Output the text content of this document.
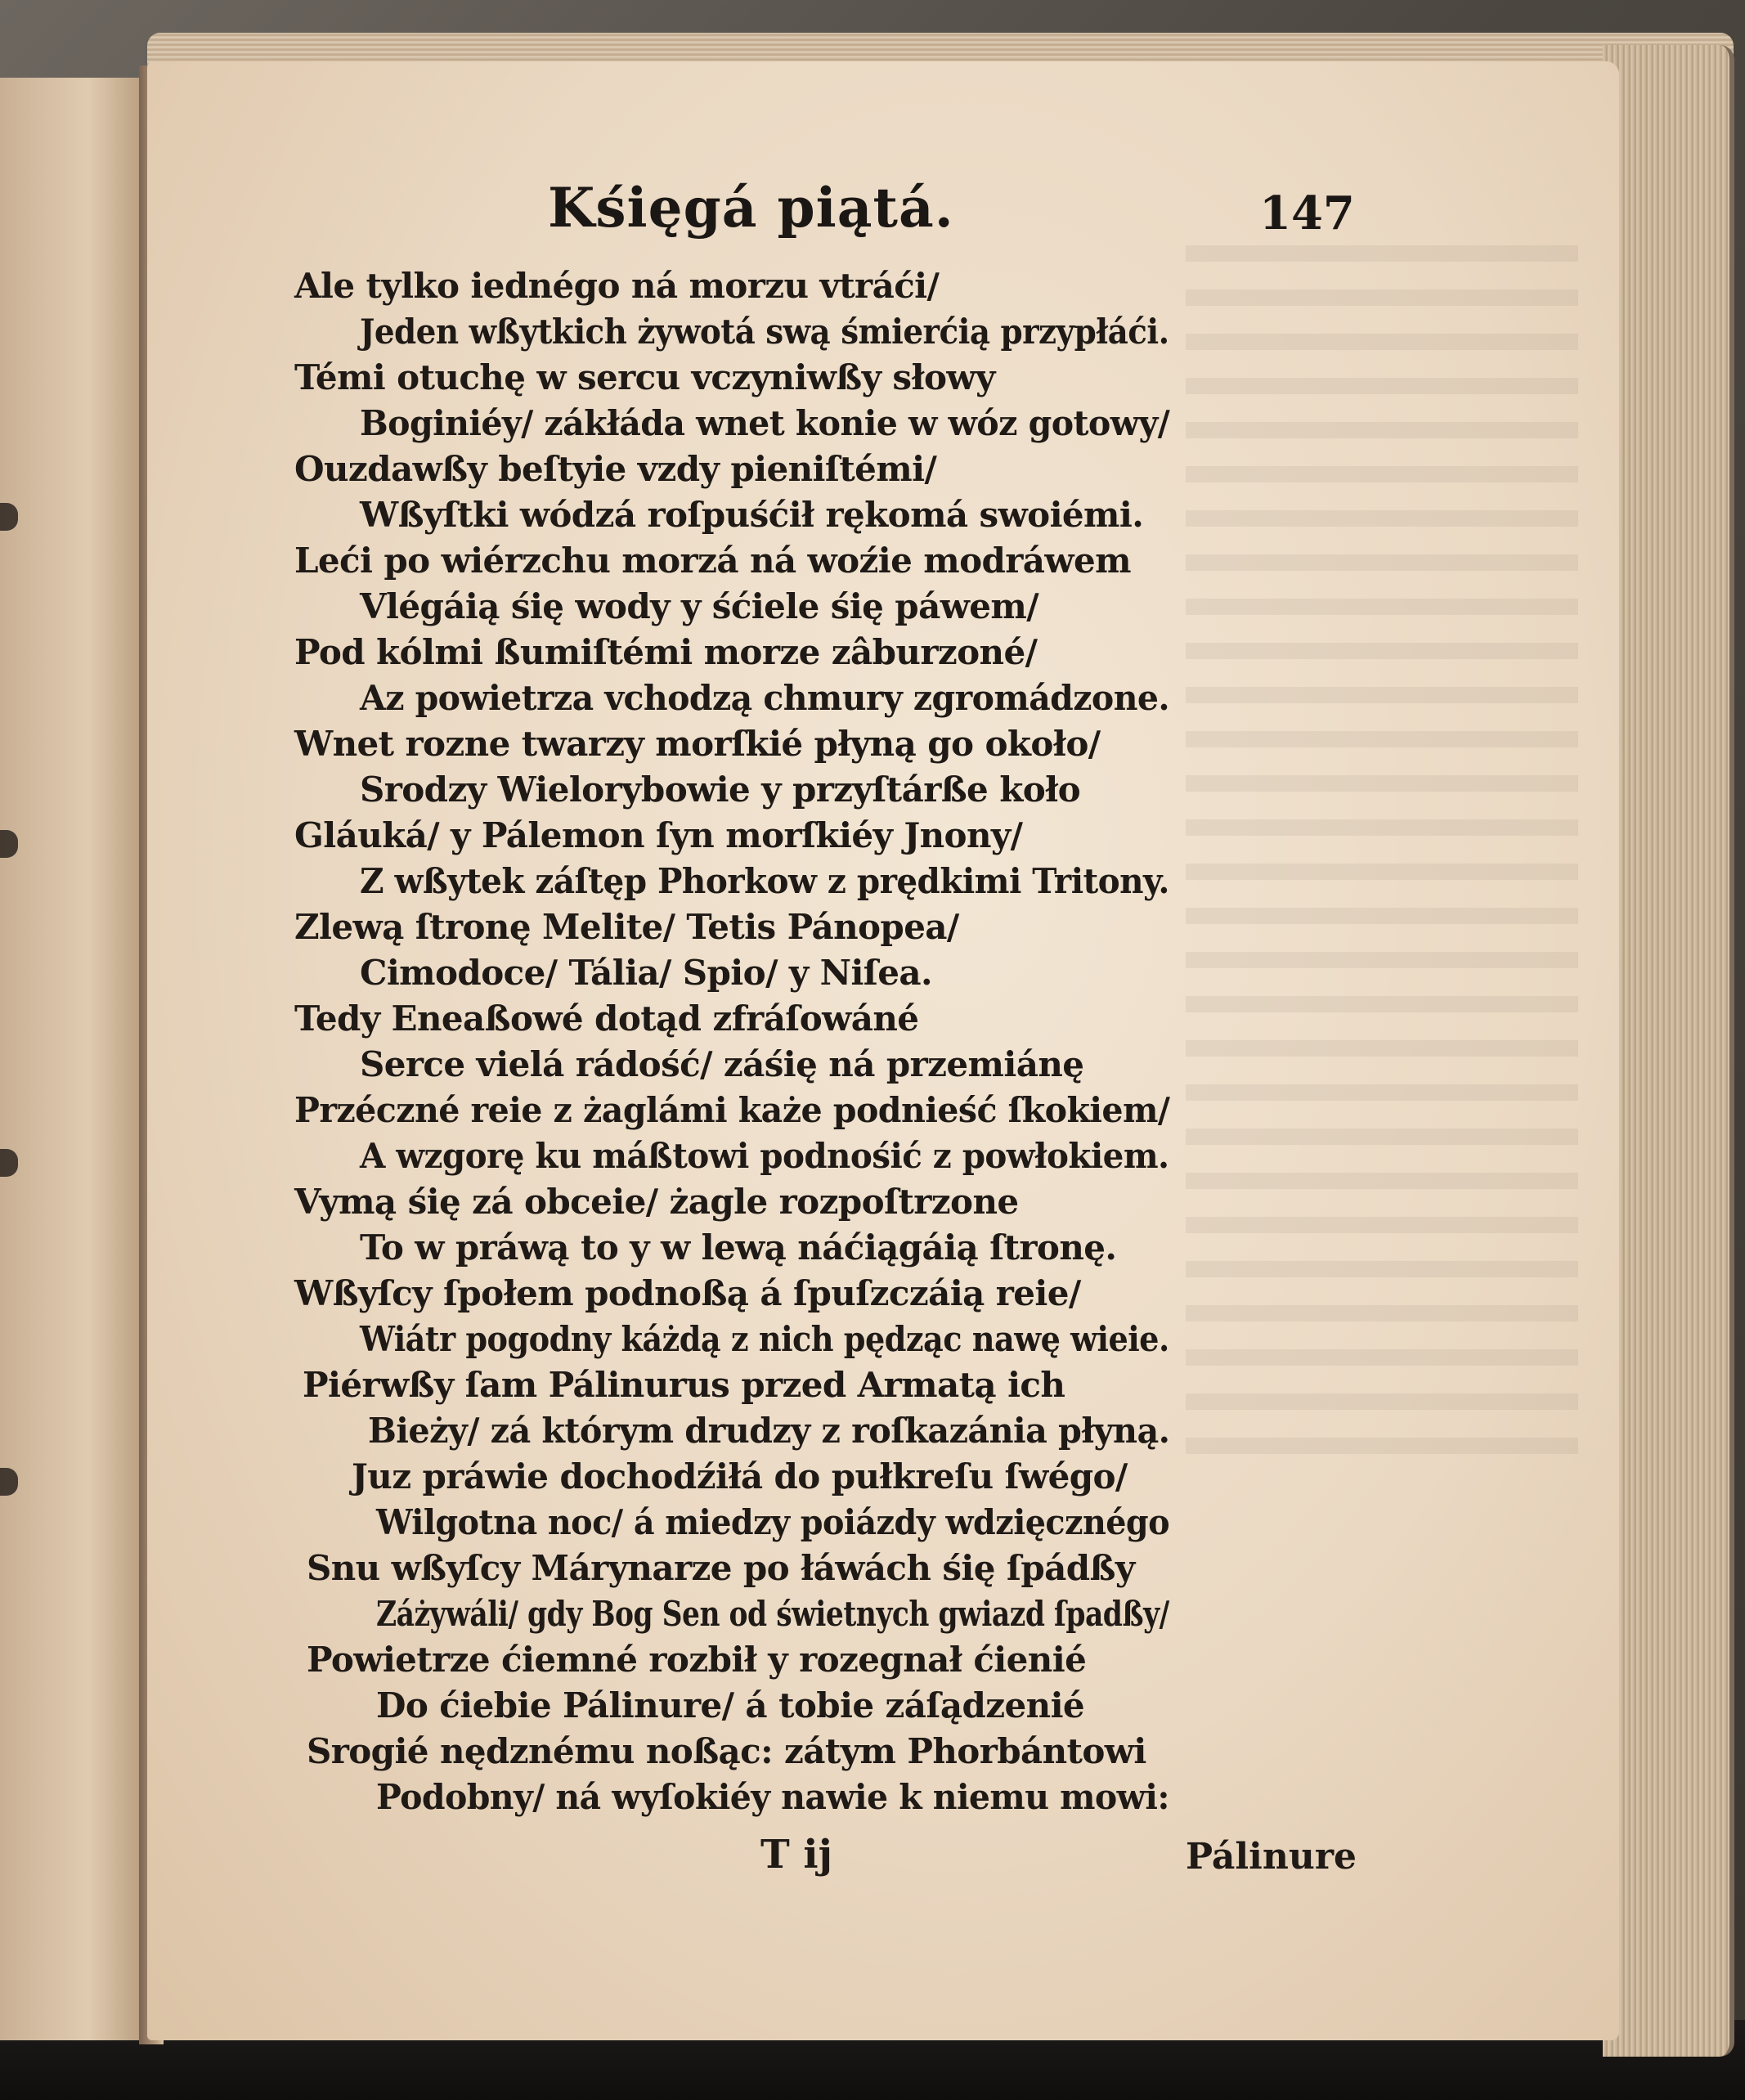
Kśięgá piątá.	147
Ale tylko iednégo ná morzu vtráći/
Jeden wßytkich żywotá swą śmierćią przypłáći.
Témi otuchę w sercu vczyniwßy słowy
Boginiéy/ zákłáda wnet konie w wóz gotowy/
Ouzdawßy beſtyie vzdy pieniſtémi/
Wßyſtki wódzá roſpuśćił rękomá swoiémi.
Leći po wiérzchu morzá ná woźie modráwem
Vlégáią śię wody y śćiele śię páwem/
Pod kólmi ßumiſtémi morze zâburzoné/
Az powietrza vchodzą chmury zgromádzone.
Wnet rozne twarzy morſkié płyną go około/
Srodzy Wielorybowie y przyſtárße koło
Gláuká/ y Pálemon ſyn morſkiéy Jnony/
Z wßytek záſtęp Phorkow z prędkimi Tritony.
Zlewą ſtronę Melite/ Tetis Pánopea/
Cimodoce/ Tália/ Spio/ y Niſea.
Tedy Eneaßowé dotąd zfráſowáné
Serce vielá rádość/ záśię ná przemiánę
Przéczné reie z żaglámi każe podnieść ſkokiem/
A wzgorę ku máßtowi podnośić z powłokiem.
Vymą śię zá obceie/ żagle rozpoſtrzone
To w práwą to y w lewą náćiągáią ſtronę.
Wßyſcy ſpołem podnoßą á ſpuſzczáią reie/
Wiátr pogodny káżdą z nich pędząc nawę wieie.
Piérwßy ſam Pálinurus przed Armatą ich
Bieży/ zá którym drudzy z roſkazánia płyną.
Juz práwie dochodźiłá do pułkreſu ſwégo/
Wilgotna noc/ á miedzy poiázdy wdzięcznégo
Snu wßyſcy Márynarze po łáwách śię ſpádßy
Záżywáli/ gdy Bog Sen od świetnych gwiazd ſpadßy/
Powietrze ćiemné rozbił y rozegnał ćienié
Do ćiebie Pálinure/ á tobie záſądzenié
Srogié nędznému noßąc: zátym Phorbántowi
Podobny/ ná wyſokiéy nawie k niemu mowi:
T ij	Pálinure
